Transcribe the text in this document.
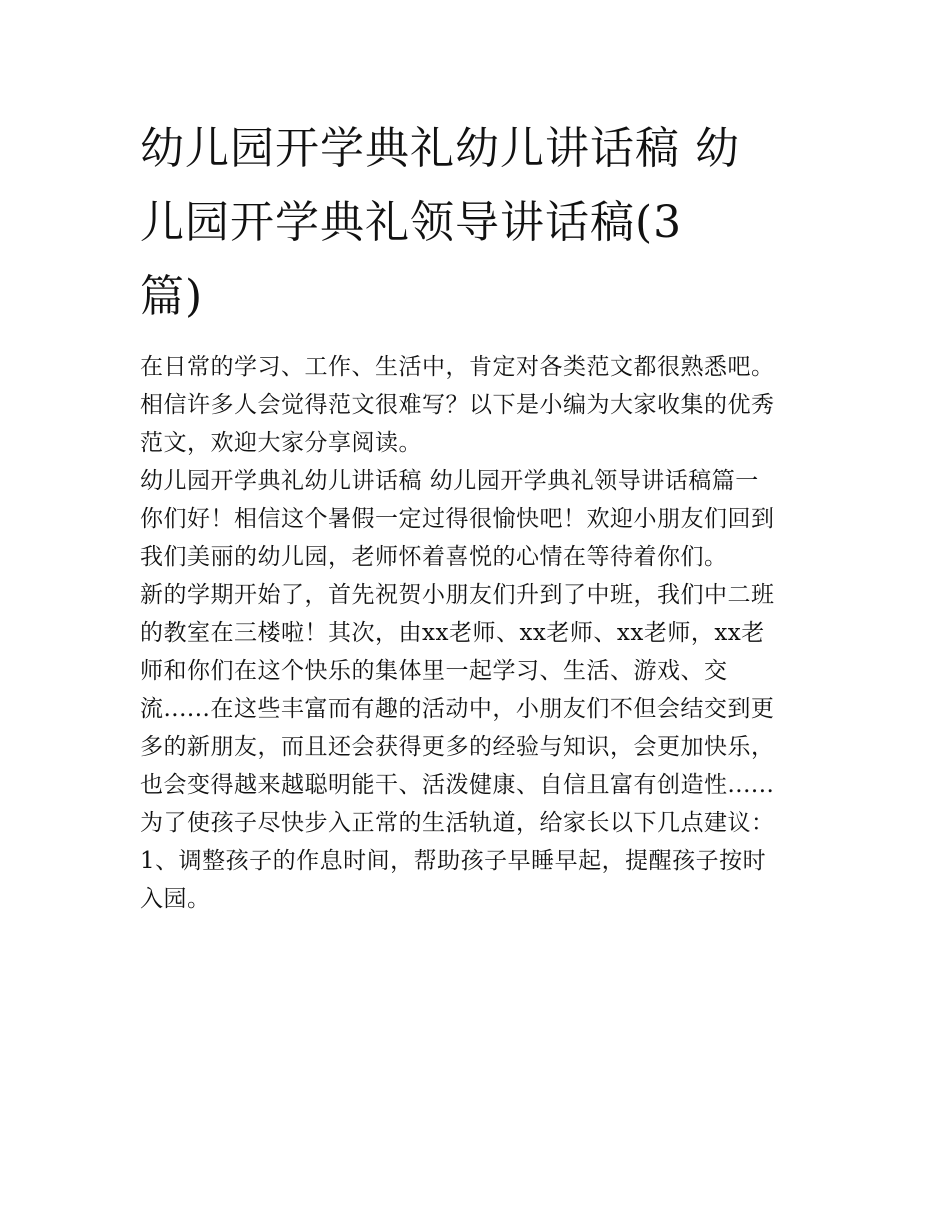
幼儿园开学典礼幼儿讲话稿 幼
儿园开学典礼领导讲话稿(3
篇)

在日常的学习、工作、生活中，肯定对各类范文都很熟悉吧。
相信许多人会觉得范文很难写？以下是小编为大家收集的优秀
范文，欢迎大家分享阅读。

幼儿园开学典礼幼儿讲话稿 幼儿园开学典礼领导讲话稿篇一

你们好！相信这个暑假一定过得很愉快吧！欢迎小朋友们回到
我们美丽的幼儿园，老师怀着喜悦的心情在等待着你们。

新的学期开始了，首先祝贺小朋友们升到了中班，我们中二班
的教室在三楼啦！其次，由xx老师、xx老师、xx老师，xx老
师和你们在这个快乐的集体里一起学习、生活、游戏、交
流......在这些丰富而有趣的活动中，小朋友们不但会结交到更
多的新朋友，而且还会获得更多的经验与知识，会更加快乐，
也会变得越来越聪明能干、活泼健康、自信且富有创造性......

为了使孩子尽快步入正常的生活轨道，给家长以下几点建议：

1、调整孩子的作息时间，帮助孩子早睡早起，提醒孩子按时
入园。
